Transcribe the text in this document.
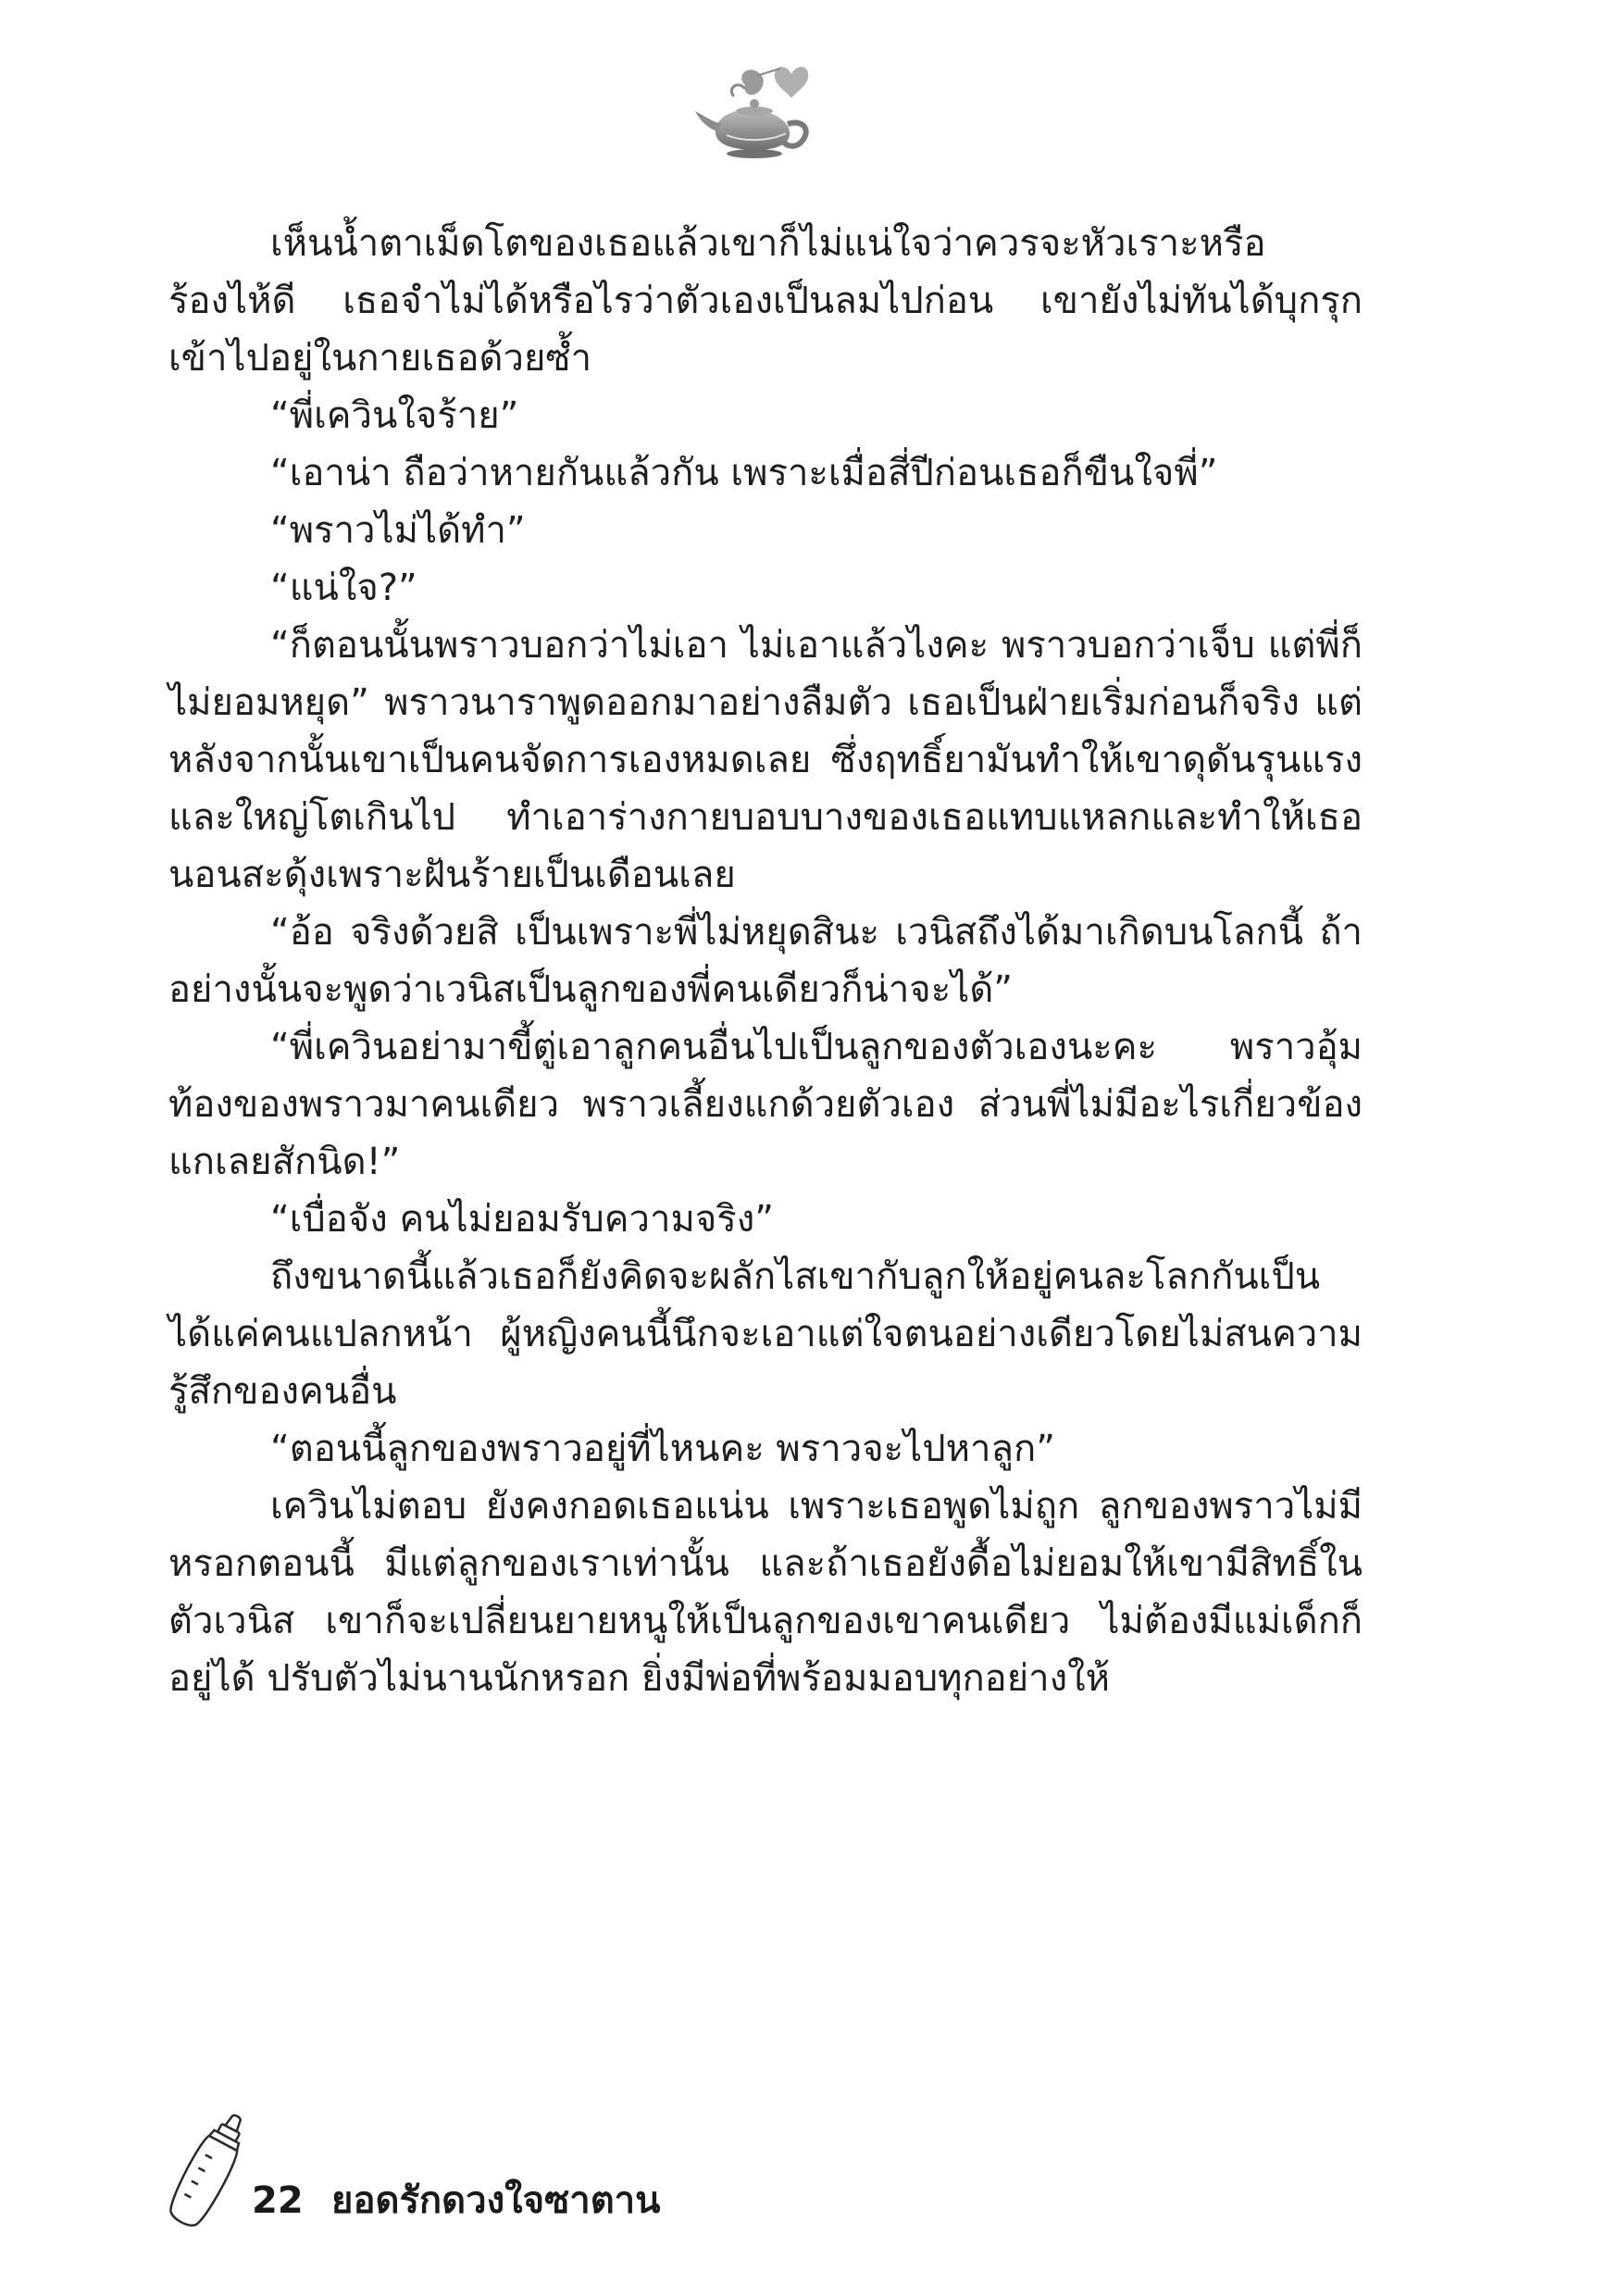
เห็นน้ำตาเม็ดโตของเธอแล้วเขาก็ไม่แน่ใจว่าควรจะหัวเราะหรือร้องไห้ดี เธอจำไม่ได้หรือไรว่าตัวเองเป็นลมไปก่อน เขายังไม่ทันได้บุกรุกเข้าไปอยู่ในกายเธอด้วยซ้ำ

“พี่เควินใจร้าย”

“เอาน่า ถือว่าหายกันแล้วกัน เพราะเมื่อสี่ปีก่อนเธอก็ขืนใจพี่”

“พราวไม่ได้ทำ”

“แน่ใจ?”

“ก็ตอนนั้นพราวบอกว่าไม่เอา ไม่เอาแล้วไงคะ พราวบอกว่าเจ็บ แต่พี่ก็ไม่ยอมหยุด” พราวนาราพูดออกมาอย่างลืมตัว เธอเป็นฝ่ายเริ่มก่อนก็จริง แต่หลังจากนั้นเขาเป็นคนจัดการเองหมดเลย ซึ่งฤทธิ์ยามันทำให้เขาดุดันรุนแรงและใหญ่โตเกินไป ทำเอาร่างกายบอบบางของเธอแทบแหลกและทำให้เธอนอนสะดุ้งเพราะฝันร้ายเป็นเดือนเลย

“อ้อ จริงด้วยสิ เป็นเพราะพี่ไม่หยุดสินะ เวนิสถึงได้มาเกิดบนโลกนี้ ถ้าอย่างนั้นจะพูดว่าเวนิสเป็นลูกของพี่คนเดียวก็น่าจะได้”

“พี่เควินอย่ามาขี้ตู่เอาลูกคนอื่นไปเป็นลูกของตัวเองนะคะ พราวอุ้มท้องของพราวมาคนเดียว พราวเลี้ยงแกด้วยตัวเอง ส่วนพี่ไม่มีอะไรเกี่ยวข้องแกเลยสักนิด!”

“เบื่อจัง คนไม่ยอมรับความจริง”

ถึงขนาดนี้แล้วเธอก็ยังคิดจะผลักไสเขากับลูกให้อยู่คนละโลกกันเป็นได้แค่คนแปลกหน้า ผู้หญิงคนนี้นึกจะเอาแต่ใจตนอย่างเดียวโดยไม่สนความรู้สึกของคนอื่น

“ตอนนี้ลูกของพราวอยู่ที่ไหนคะ พราวจะไปหาลูก”

เควินไม่ตอบ ยังคงกอดเธอแน่น เพราะเธอพูดไม่ถูก ลูกของพราวไม่มีหรอกตอนนี้ มีแต่ลูกของเราเท่านั้น และถ้าเธอยังดื้อไม่ยอมให้เขามีสิทธิ์ในตัวเวนิส เขาก็จะเปลี่ยนยายหนูให้เป็นลูกของเขาคนเดียว ไม่ต้องมีแม่เด็กก็อยู่ได้ ปรับตัวไม่นานนักหรอก ยิ่งมีพ่อที่พร้อมมอบทุกอย่างให้

22 ยอดรักดวงใจซาตาน
